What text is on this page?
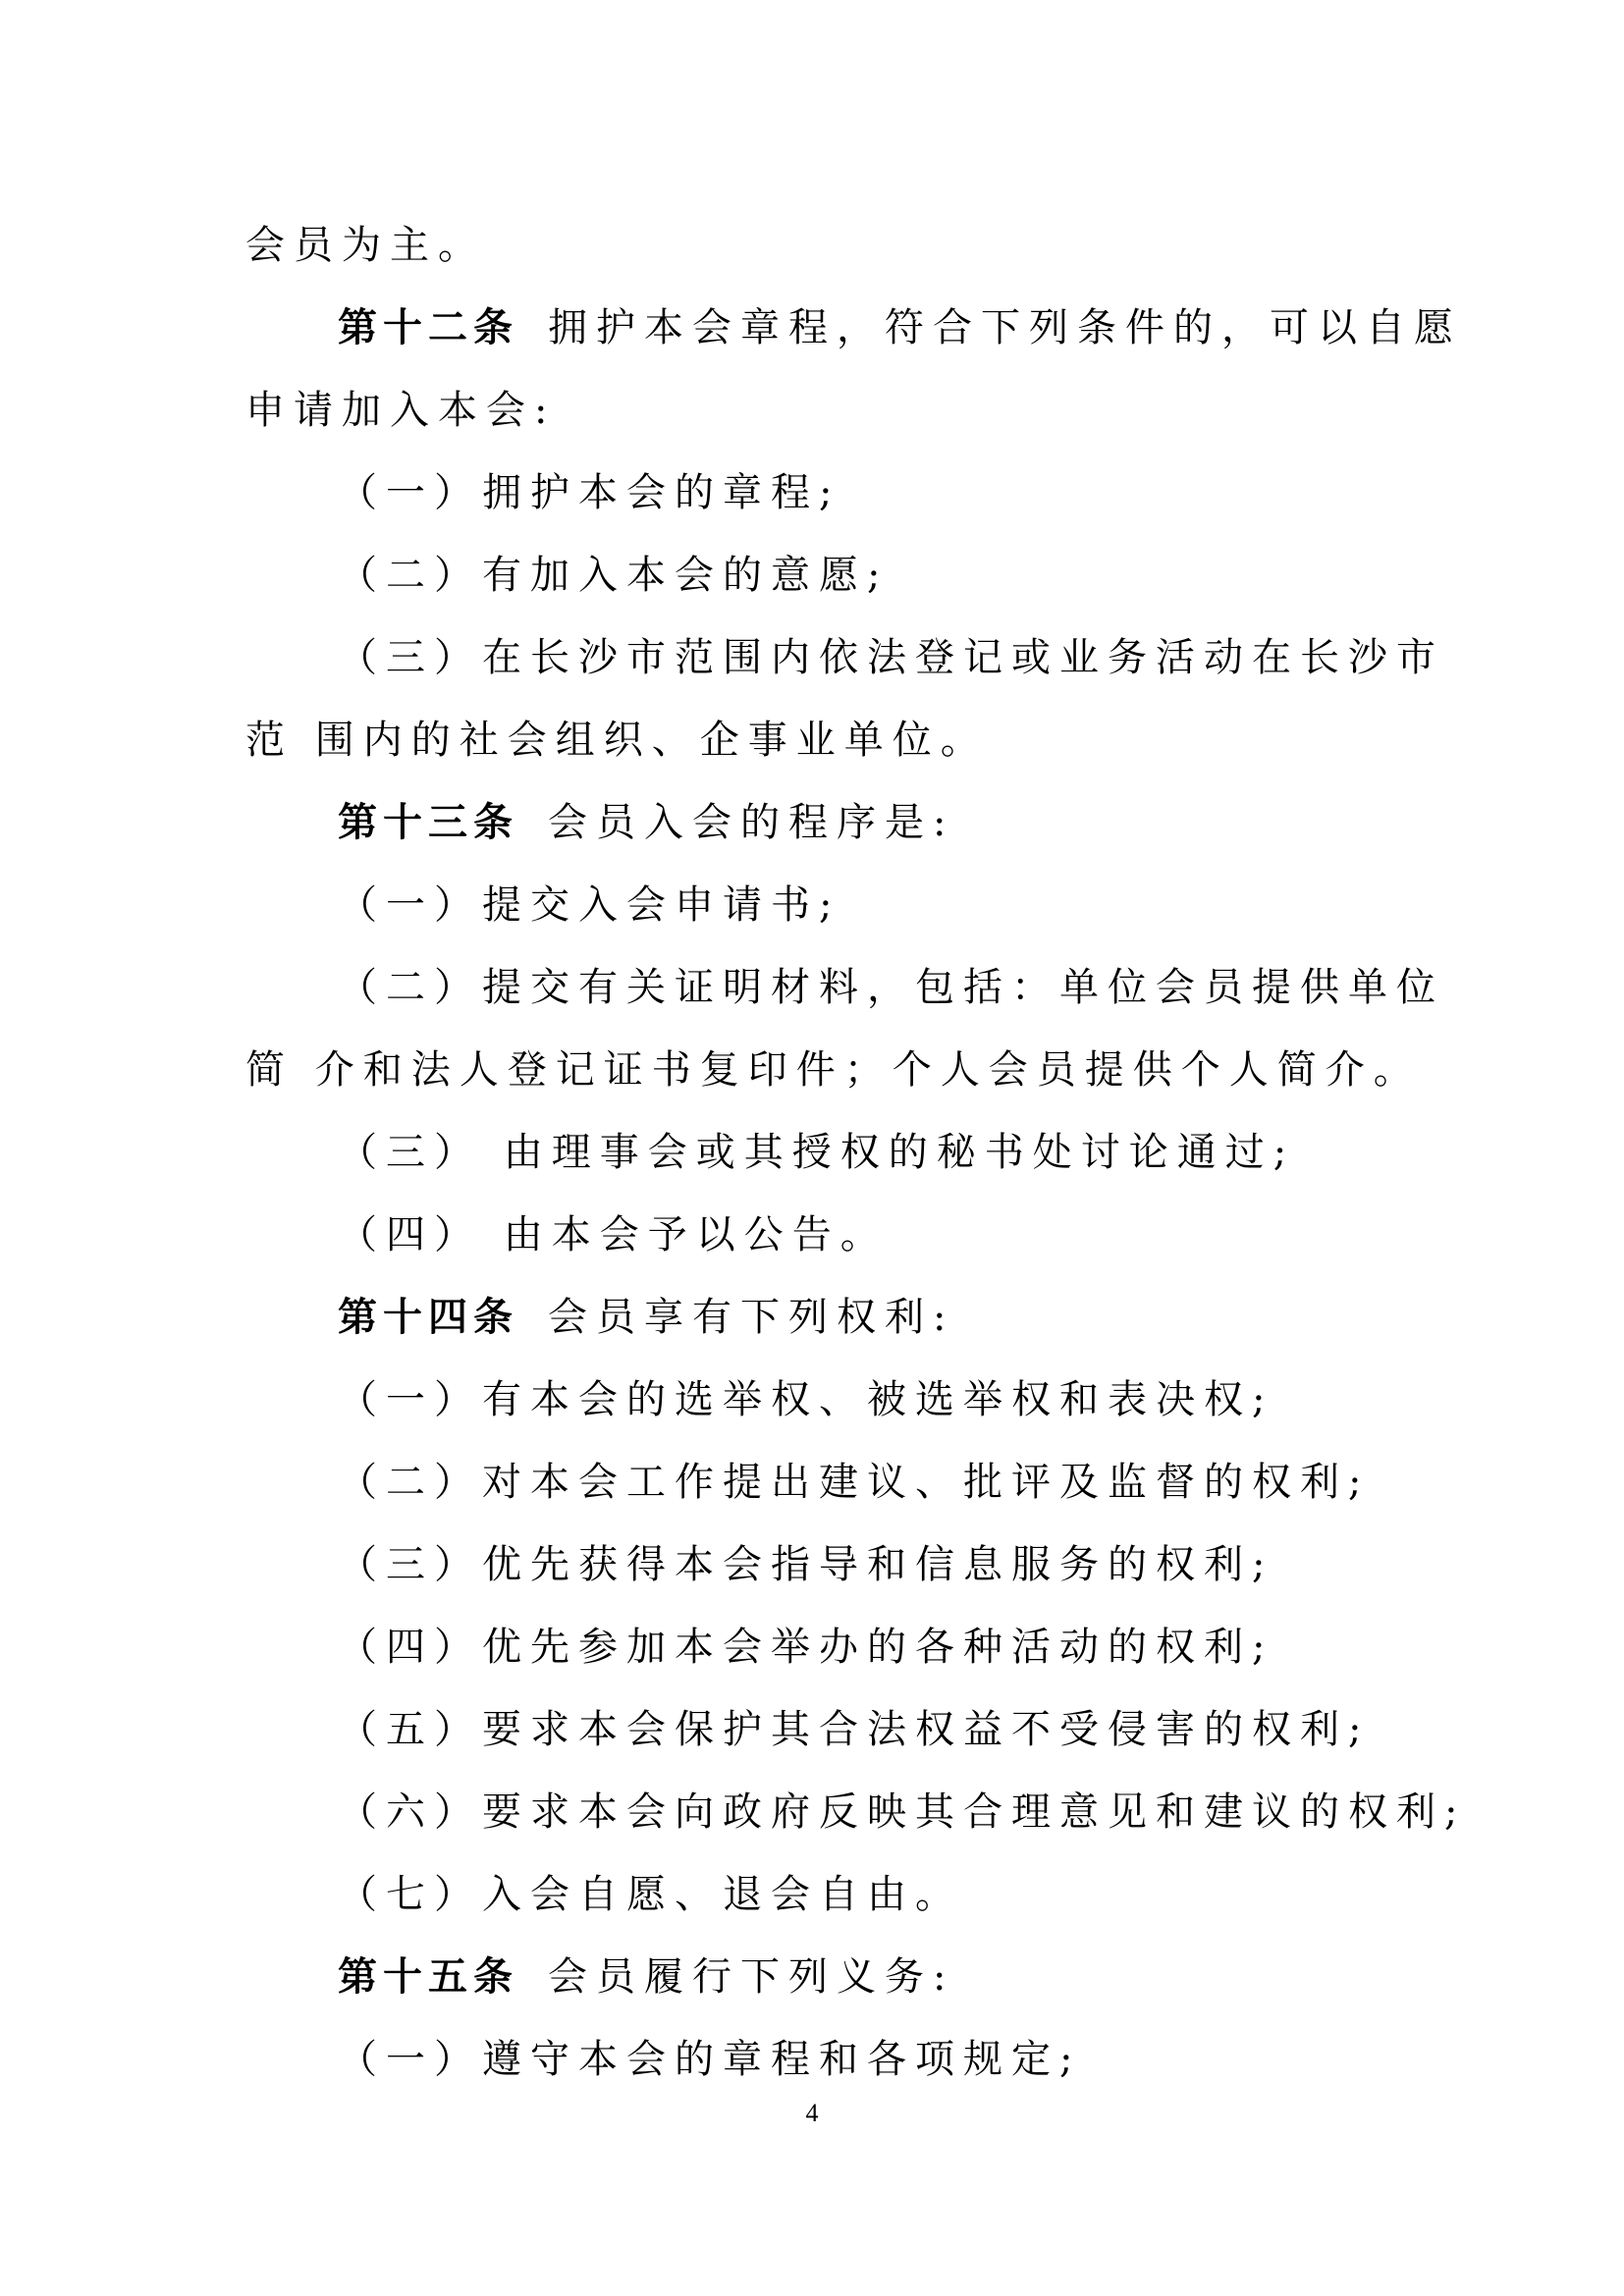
会员为主。
第十二条 拥护本会章程，符合下列条件的，可以自愿
申请加入本会:
（一）拥护本会的章程;
（二）有加入本会的意愿;
（三）在长沙市范围内依法登记或业务活动在长沙市
范 围内的社会组织、企事业单位。
第十三条 会员入会的程序是:
（一）提交入会申请书;
（二）提交有关证明材料，包括：单位会员提供单位
简 介和法人登记证书复印件；个人会员提供个人简介。
（三） 由理事会或其授权的秘书处讨论通过;
（四） 由本会予以公告。
第十四条 会员享有下列权利:
（一）有本会的选举权、被选举权和表决权;
（二）对本会工作提出建议、批评及监督的权利;
（三）优先获得本会指导和信息服务的权利;
（四）优先参加本会举办的各种活动的权利;
（五）要求本会保护其合法权益不受侵害的权利;
（六）要求本会向政府反映其合理意见和建议的权利;
（七）入会自愿、退会自由。
第十五条 会员履行下列义务:
（一）遵守本会的章程和各项规定;
4
